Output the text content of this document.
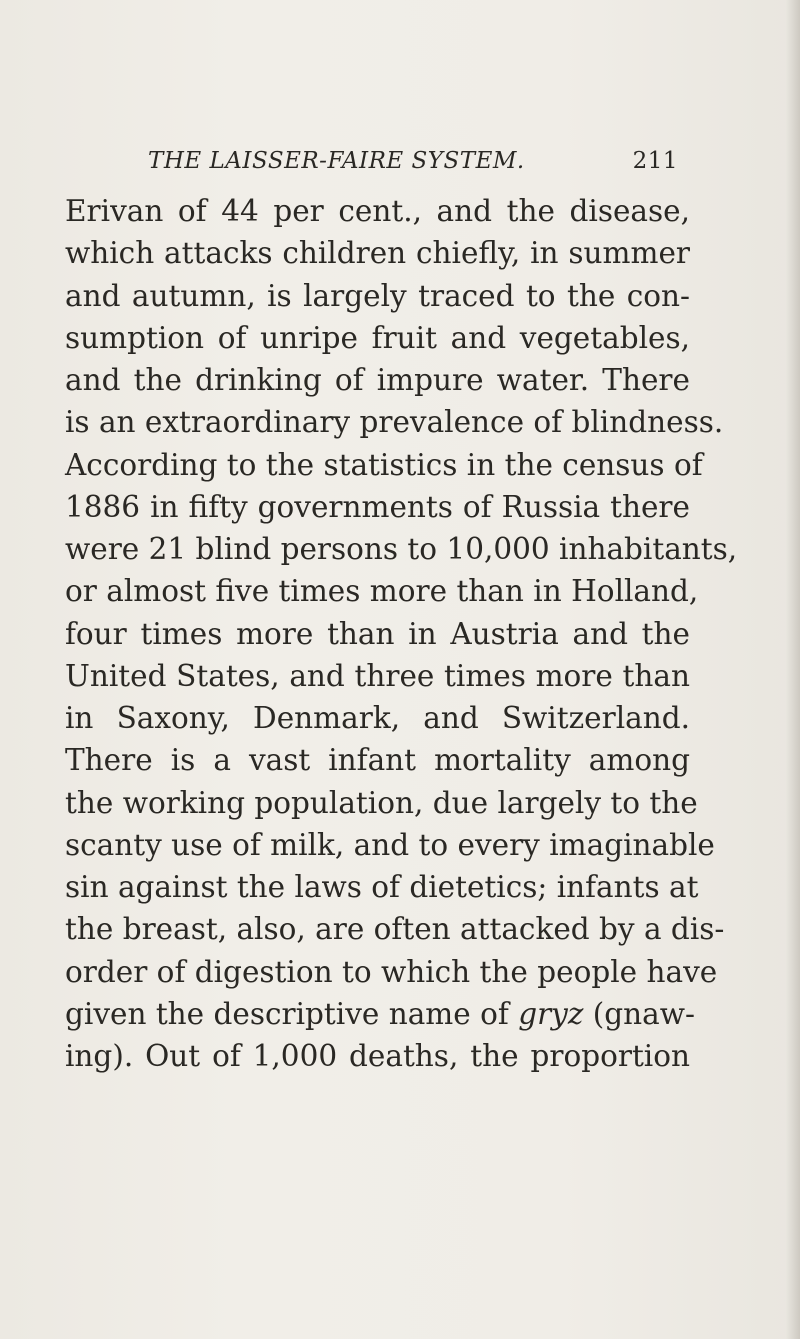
THE LAISSER-FAIRE SYSTEM.	211
Erivan of 44 per cent., and the disease,
which attacks children chiefly, in summer
and autumn, is largely traced to the con-
sumption of unripe fruit and vegetables,
and the drinking of impure water. There
is an extraordinary prevalence of blindness.
According to the statistics in the census of
1886 in fifty governments of Russia there
were 21 blind persons to 10,000 inhabitants,
or almost five times more than in Holland,
four times more than in Austria and the
United States, and three times more than
in Saxony, Denmark, and Switzerland.
There is a vast infant mortality among
the working population, due largely to the
scanty use of milk, and to every imaginable
sin against the laws of dietetics; infants at
the breast, also, are often attacked by a dis-
order of digestion to which the people have
given the descriptive name of gryz (gnaw-
ing). Out of 1,000 deaths, the proportion
